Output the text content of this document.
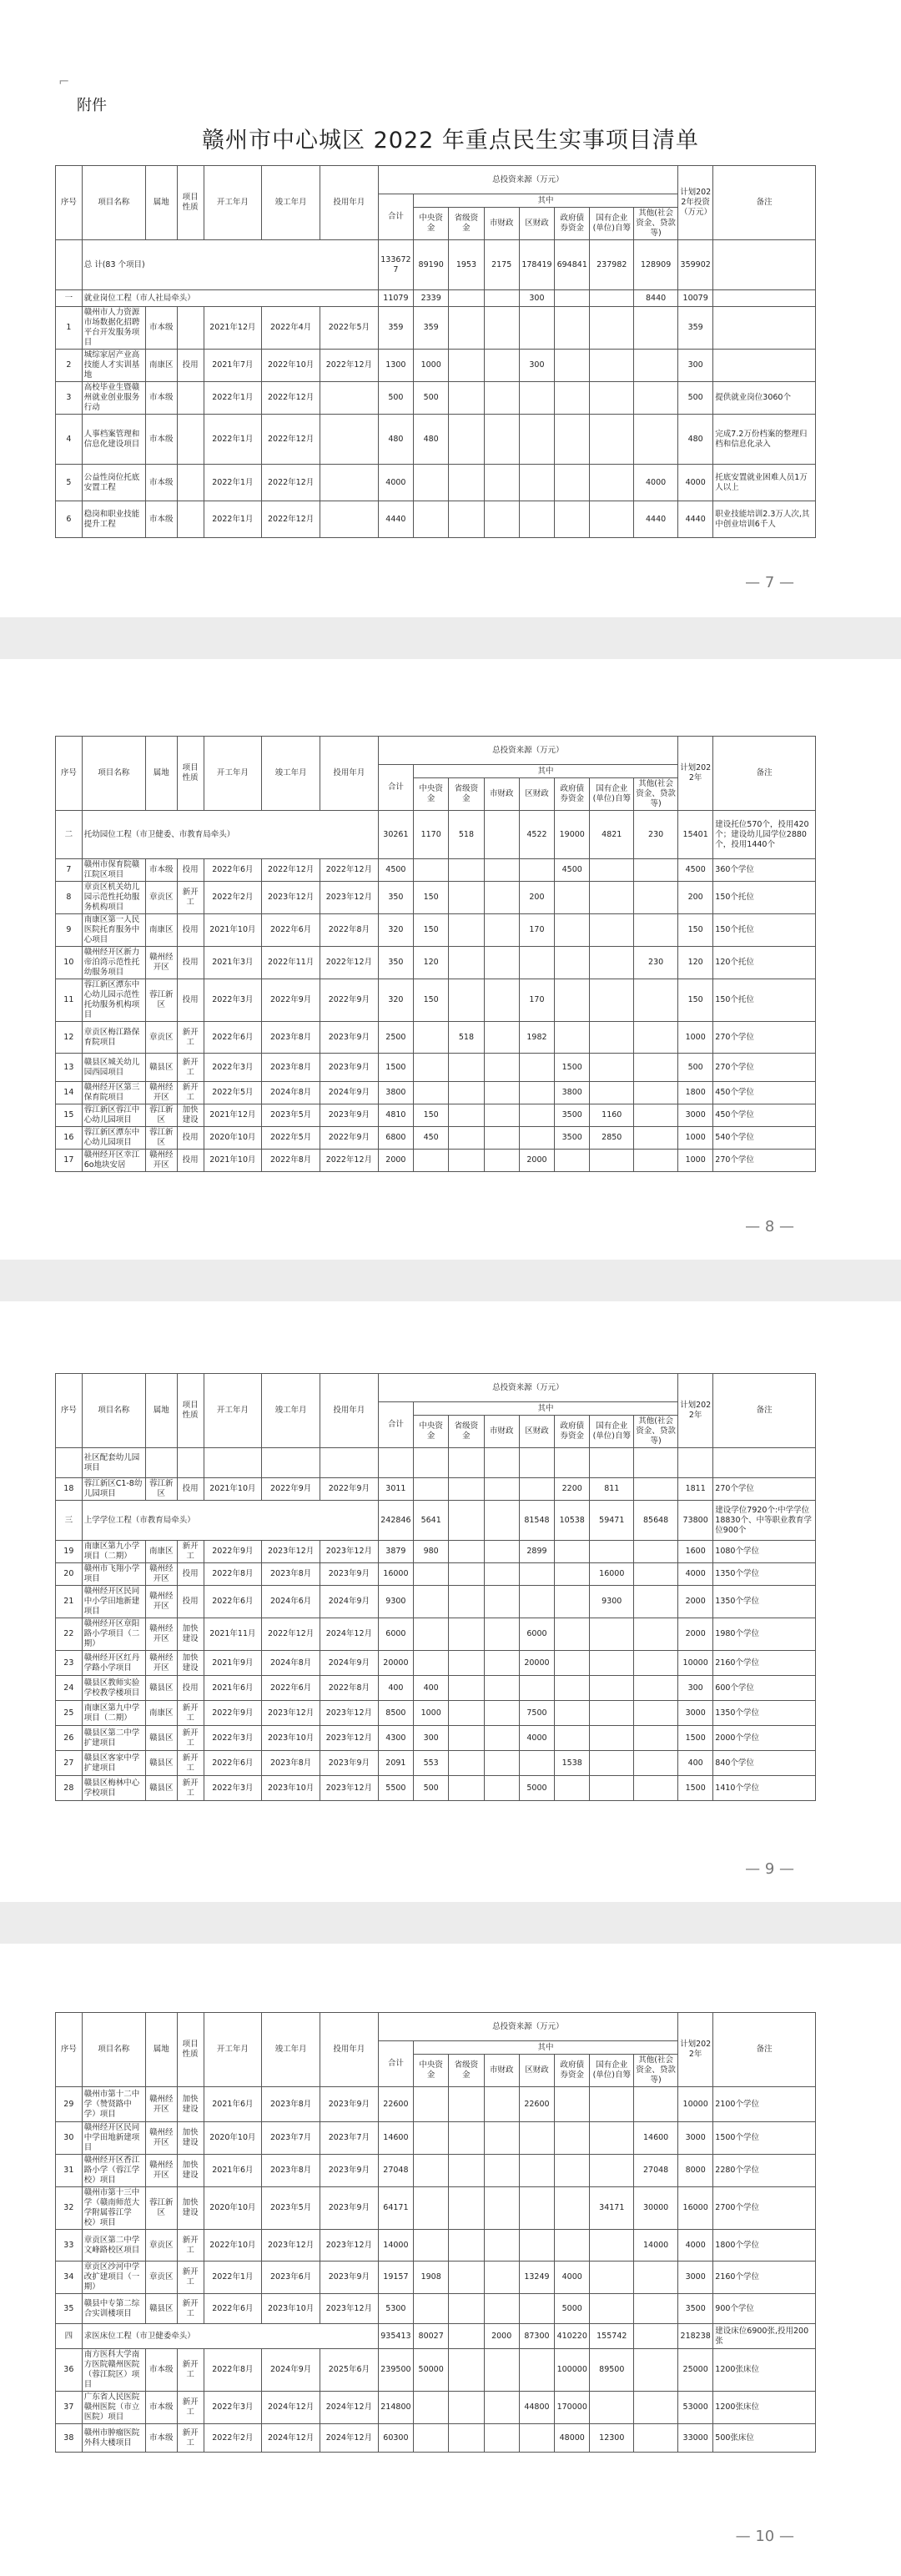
⌐
附件
赣州市中心城区 2022 年重点民生实事项目清单
序号	项目名称	属地	项目性质	开工年月	竣工年月	投用年月	总投资来源（万元）								计划2022年投资（万元）	备注
							合计	其中								
								中央资金	省级资金	市财政	区财政	政府债券资金	国有企业(单位)自筹	其他(社会资金、贷款等)		
	总 计(83 个项目)						1336727	89190	1953	2175	178419	694841	237982	128909	359902	
一	就业岗位工程（市人社局牵头）						11079	2339			300			8440	10079	
1	赣州市人力资源市场数据化招聘平台开发服务项目	市本级		2021年12月	2022年4月	2022年5月	359	359							359	
2	城综家居产业高技能人才实训基地	南康区	投用	2021年7月	2022年10月	2022年12月	1300	1000			300				300	
3	高校毕业生暨赣州就业创业服务行动	市本级		2022年1月	2022年12月		500	500							500	提供就业岗位3060个
4	人事档案管理和信息化建设项目	市本级		2022年1月	2022年12月		480	480							480	完成7.2万份档案的整理归档和信息化录入
5	公益性岗位托底安置工程	市本级		2022年1月	2022年12月		4000							4000	4000	托底安置就业困难人员1万人以上
6	稳岗和职业技能提升工程	市本级		2022年1月	2022年12月		4440							4440	4440	职业技能培训2.3万人次,其中创业培训6千人
— 7 —
序号	项目名称	属地	项目性质	开工年月	竣工年月	投用年月	总投资来源（万元）								计划2022年	备注
							合计	其中								
								中央资金	省级资金	市财政	区财政	政府债券资金	国有企业(单位)自筹	其他(社会资金、贷款等)		
二	托幼园位工程（市卫健委、市教育局牵头）						30261	1170	518		4522	19000	4821	230	15401	建设托位570个，投用420个；建设幼儿园学位2880个，投用1440个
7	赣州市保育院赣江院区项目	市本级	投用	2022年6月	2022年12月	2022年12月	4500					4500			4500	360个学位
8	章贡区机关幼儿园示范性托幼服务机构项目	章贡区	新开工	2022年2月	2023年12月	2023年12月	350	150			200				200	150个托位
9	南康区第一人民医院托育服务中心项目	南康区	投用	2021年10月	2022年6月	2022年8月	320	150			170				150	150个托位
10	赣州经开区新力帝泊湾示范性托幼服务项目	赣州经开区	投用	2021年3月	2022年11月	2022年12月	350	120						230	120	120个托位
11	蓉江新区潭东中心幼儿园示范性托幼服务机构项目	蓉江新区	投用	2022年3月	2022年9月	2022年9月	320	150			170				150	150个托位
12	章贡区梅江路保育院项目	章贡区	新开工	2022年6月	2023年8月	2023年9月	2500		518		1982				1000	270个学位
13	赣县区城关幼儿园西园项目	赣县区	新开工	2022年3月	2023年8月	2023年9月	1500					1500			500	270个学位
14	赣州经开区第三保育院项目	赣州经开区	新开工	2022年5月	2024年8月	2024年9月	3800					3800			1800	450个学位
15	蓉江新区蓉江中心幼儿园项目	蓉江新区	加快建设	2021年12月	2023年5月	2023年9月	4810	150				3500	1160		3000	450个学位
16	蓉江新区潭东中心幼儿园项目	蓉江新区	投用	2020年10月	2022年5月	2022年9月	6800	450				3500	2850		1000	540个学位
17	赣州经开区幸江6o地块安居	赣州经开区	投用	2021年10月	2022年8月	2022年12月	2000				2000				1000	270个学位
— 8 —
序号	项目名称	属地	项目性质	开工年月	竣工年月	投用年月	总投资来源（万元）								计划2022年	备注
							合计	其中								
								中央资金	省级资金	市财政	区财政	政府债券资金	国有企业(单位)自筹	其他(社会资金、贷款等)		
	社区配套幼儿园项目															
18	蓉江新区C1-8幼儿园项目	蓉江新区	投用	2021年10月	2022年9月	2022年9月	3011					2200	811		1811	270个学位
三	上学学位工程（市教育局牵头）						242846	5641			81548	10538	59471	85648	73800	建设学位7920个:中学学位18830个、中等职业教育学位900个
19	南康区第九小学项目（二期）	南康区	新开工	2022年9月	2023年12月	2023年12月	3879	980			2899				1600	1080个学位
20	赣州市飞翔小学项目	赣州经开区	投用	2022年8月	2023年8月	2023年9月	16000						16000		4000	1350个学位
21	赣州经开区民同中小学田地新建项目	赣州经开区	投用	2022年6月	2024年6月	2024年9月	9300						9300		2000	1350个学位
22	赣州经开区章阳路小学项目（二期）	赣州经开区	加快建设	2021年11月	2022年12月	2024年12月	6000				6000				2000	1980个学位
23	赣州经开区红丹学路小学项目	赣州经开区	加快建设	2021年9月	2024年8月	2024年9月	20000				20000				10000	2160个学位
24	赣县区教师实验学校教学楼项目	赣县区	投用	2021年6月	2022年6月	2022年8月	400	400							300	600个学位
25	南康区第九中学项目（二期）	南康区	新开工	2022年9月	2023年12月	2023年12月	8500	1000			7500				3000	1350个学位
26	赣县区第二中学扩建项目	赣县区	新开工	2022年3月	2023年10月	2023年12月	4300	300			4000				1500	2000个学位
27	赣县区客家中学扩建项目	赣县区	新开工	2022年6月	2023年8月	2023年9月	2091	553				1538			400	840个学位
28	赣县区梅林中心学校项目	赣县区	新开工	2022年3月	2023年10月	2023年12月	5500	500			5000				1500	1410个学位
— 9 —
序号	项目名称	属地	项目性质	开工年月	竣工年月	投用年月	总投资来源（万元）								计划2022年	备注
							合计	其中								
								中央资金	省级资金	市财政	区财政	政府债券资金	国有企业(单位)自筹	其他(社会资金、贷款等)		
29	赣州市第十二中学（赞贤路中学）项目	赣州经开区	加快建设	2021年6月	2023年8月	2023年9月	22600				22600				10000	2100个学位
30	赣州经开区民同中学田地新建项目	赣州经开区	加快建设	2020年10月	2023年7月	2023年7月	14600							14600	3000	1500个学位
31	赣州经开区香江路小学（蓉江学校）项目	赣州经开区	加快建设	2021年6月	2023年8月	2023年9月	27048							27048	8000	2280个学位
32	赣州市第十三中学（赣南师范大学附属蓉江学校）项目	蓉江新区	加快建设	2020年10月	2023年5月	2023年9月	64171						34171	30000	16000	2700个学位
33	章贡区第二中学文峰路校区项目	章贡区	新开工	2022年10月	2023年12月	2023年12月	14000							14000	4000	1800个学位
34	章贡区沙河中学改扩建项目（一期）	章贡区	新开工	2022年1月	2023年6月	2023年9月	19157	1908			13249	4000			3000	2160个学位
35	赣县中专第二综合实训楼项目	赣县区	新开工	2022年6月	2023年10月	2023年12月	5300					5000			3500	900个学位
四	求医床位工程（市卫健委牵头）						935413	80027		2000	87300	410220	155742		218238	建设床位6900张,投用200张
36	南方医科大学南方医院赣州医院（蓉江院区）项目	市本级	新开工	2022年8月	2024年9月	2025年6月	239500	50000				100000	89500		25000	1200张床位
37	广东省人民医院赣州医院（市立医院）项目	市本级	新开工	2022年3月	2024年12月	2024年12月	214800				44800	170000			53000	1200张床位
38	赣州市肿瘤医院外科大楼项目	市本级	新开工	2022年2月	2024年12月	2024年12月	60300					48000	12300		33000	500张床位
— 10 —
